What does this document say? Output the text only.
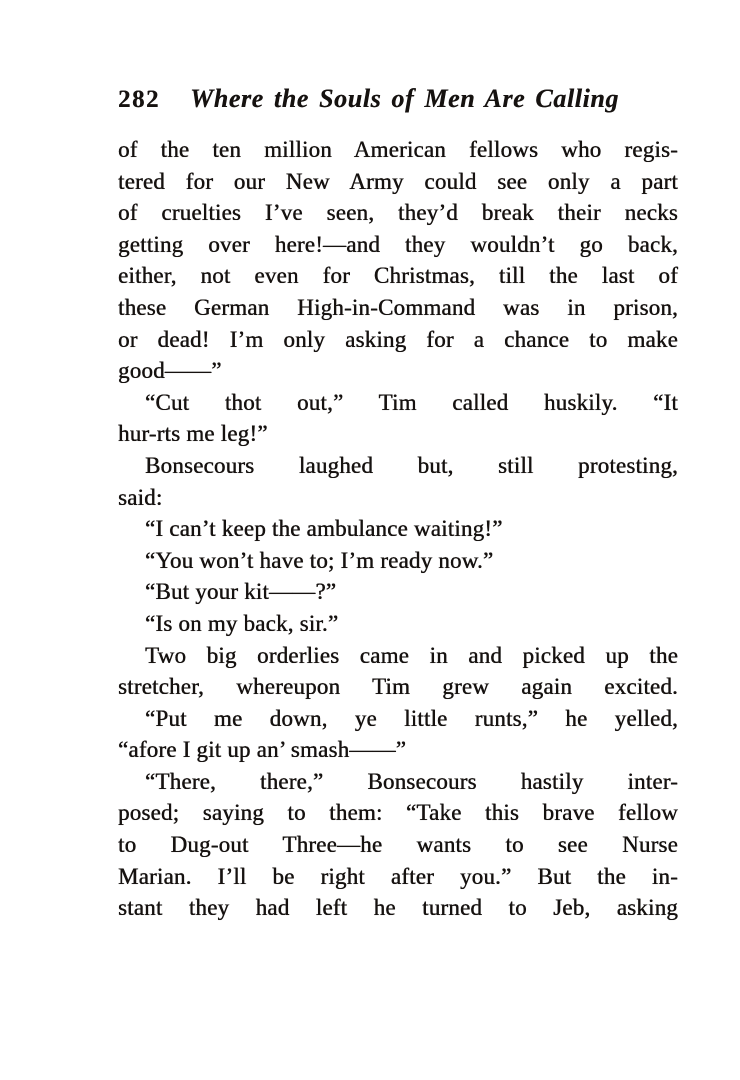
282 Where the Souls of Men Are Calling
of the ten million American fellows who regis-
tered for our New Army could see only a part
of cruelties I’ve seen, they’d break their necks
getting over here!—and they wouldn’t go back,
either, not even for Christmas, till the last of
these German High-in-Command was in prison,
or dead! I’m only asking for a chance to make
good——”
“Cut thot out,” Tim called huskily. “It
hur-rts me leg!”
Bonsecours laughed but, still protesting,
said:
“I can’t keep the ambulance waiting!”
“You won’t have to; I’m ready now.”
“But your kit——?”
“Is on my back, sir.”
Two big orderlies came in and picked up the
stretcher, whereupon Tim grew again excited.
“Put me down, ye little runts,” he yelled,
“afore I git up an’ smash——”
“There, there,” Bonsecours hastily inter-
posed; saying to them: “Take this brave fellow
to Dug-out Three—he wants to see Nurse
Marian. I’ll be right after you.” But the in-
stant they had left he turned to Jeb, asking
